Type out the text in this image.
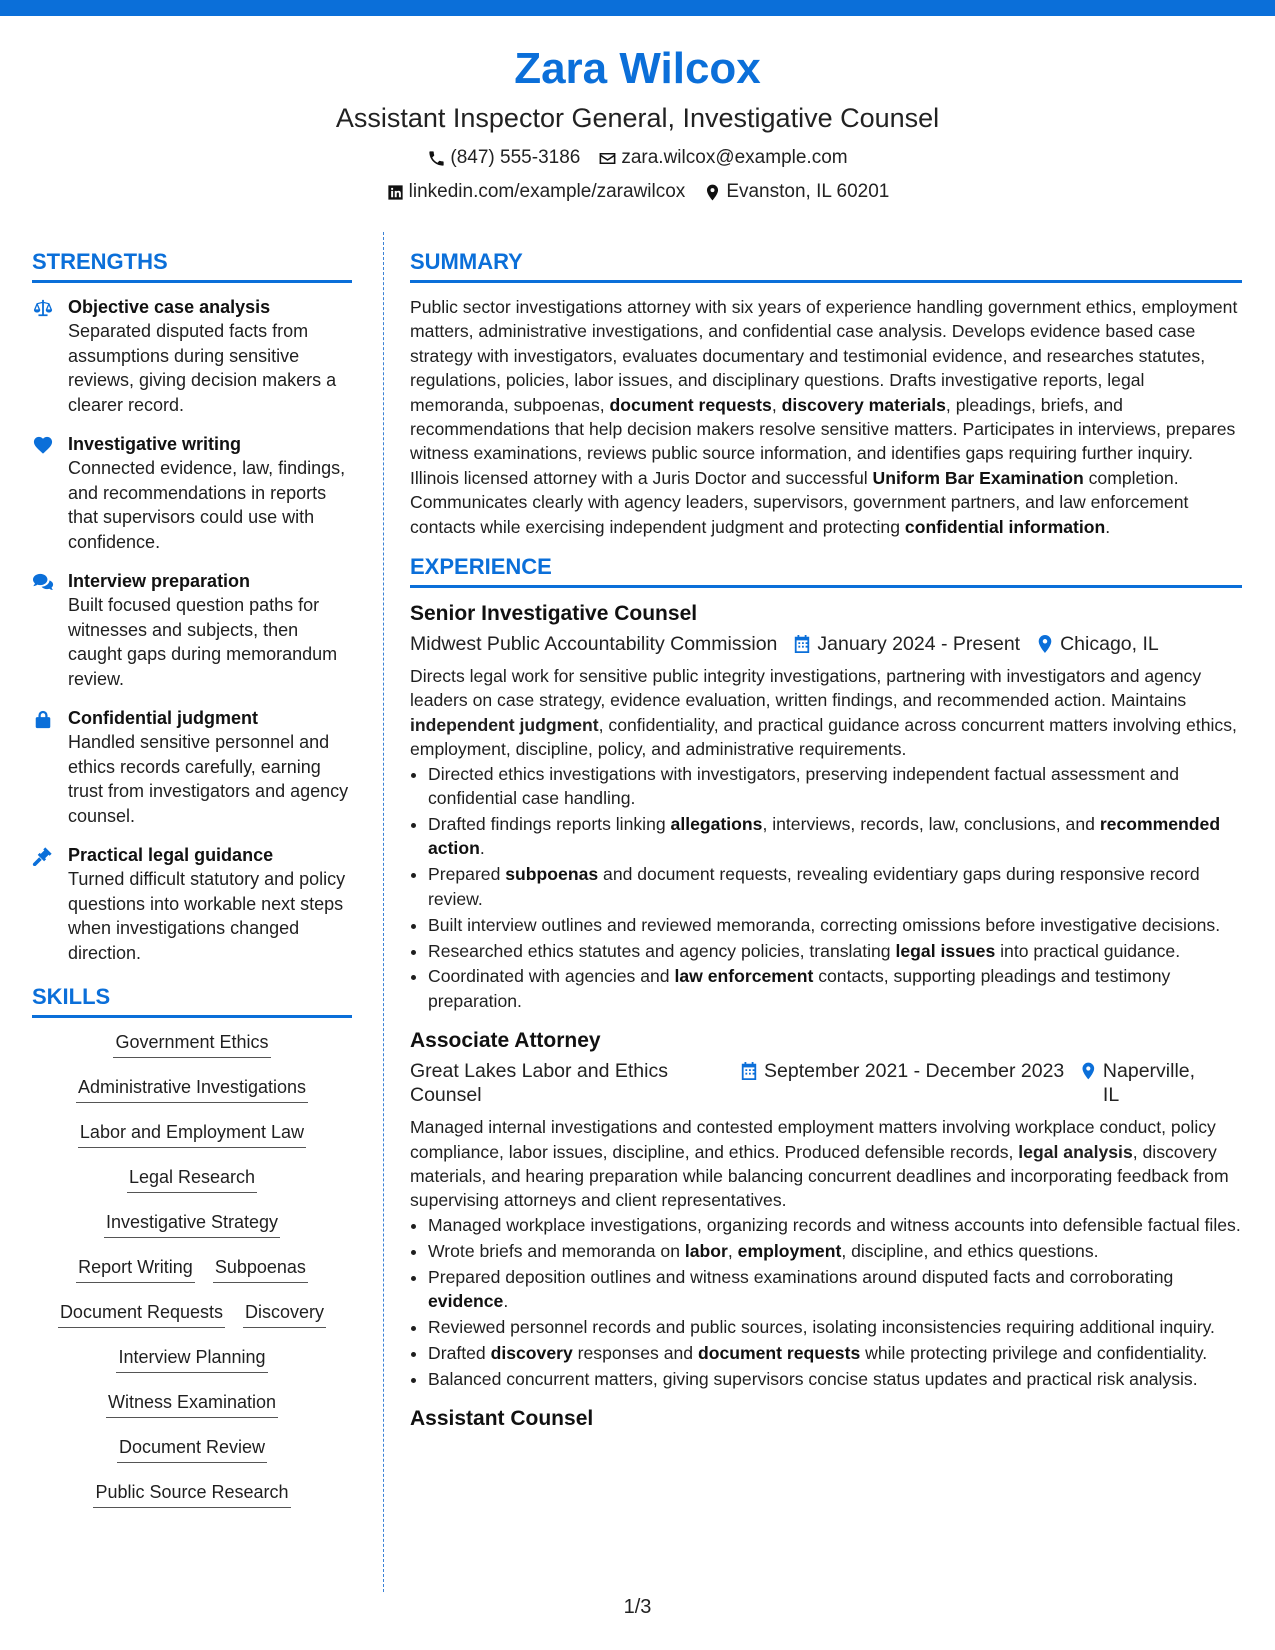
Zara Wilcox
Assistant Inspector General, Investigative Counsel
(847) 555-3186 zara.wilcox@example.com
linkedin.com/example/zarawilcox Evanston, IL 60201
STRENGTHS
Objective case analysis
Separated disputed facts from assumptions during sensitive reviews, giving decision makers a clearer record.
Investigative writing
Connected evidence, law, findings, and recommendations in reports that supervisors could use with confidence.
Interview preparation
Built focused question paths for witnesses and subjects, then caught gaps during memorandum review.
Confidential judgment
Handled sensitive personnel and ethics records carefully, earning trust from investigators and agency counsel.
Practical legal guidance
Turned difficult statutory and policy questions into workable next steps when investigations changed direction.
SKILLS
Government Ethics
Administrative Investigations
Labor and Employment Law
Legal Research
Investigative Strategy
Report Writing Subpoenas
Document Requests Discovery
Interview Planning
Witness Examination
Document Review
Public Source Research
SUMMARY
Public sector investigations attorney with six years of experience handling government ethics, employment matters, administrative investigations, and confidential case analysis. Develops evidence based case strategy with investigators, evaluates documentary and testimonial evidence, and researches statutes, regulations, policies, labor issues, and disciplinary questions. Drafts investigative reports, legal memoranda, subpoenas, document requests, discovery materials, pleadings, briefs, and recommendations that help decision makers resolve sensitive matters. Participates in interviews, prepares witness examinations, reviews public source information, and identifies gaps requiring further inquiry. Illinois licensed attorney with a Juris Doctor and successful Uniform Bar Examination completion. Communicates clearly with agency leaders, supervisors, government partners, and law enforcement contacts while exercising independent judgment and protecting confidential information.
EXPERIENCE
Senior Investigative Counsel
Midwest Public Accountability Commission January 2024 - Present Chicago, IL
Directs legal work for sensitive public integrity investigations, partnering with investigators and agency leaders on case strategy, evidence evaluation, written findings, and recommended action. Maintains independent judgment, confidentiality, and practical guidance across concurrent matters involving ethics, employment, discipline, policy, and administrative requirements.
• Directed ethics investigations with investigators, preserving independent factual assessment and confidential case handling.
• Drafted findings reports linking allegations, interviews, records, law, conclusions, and recommended action.
• Prepared subpoenas and document requests, revealing evidentiary gaps during responsive record review.
• Built interview outlines and reviewed memoranda, correcting omissions before investigative decisions.
• Researched ethics statutes and agency policies, translating legal issues into practical guidance.
• Coordinated with agencies and law enforcement contacts, supporting pleadings and testimony preparation.
Associate Attorney
Great Lakes Labor and Ethics Counsel
September 2021 - December 2023 Naperville, IL
Managed internal investigations and contested employment matters involving workplace conduct, policy compliance, labor issues, discipline, and ethics. Produced defensible records, legal analysis, discovery materials, and hearing preparation while balancing concurrent deadlines and incorporating feedback from supervising attorneys and client representatives.
• Managed workplace investigations, organizing records and witness accounts into defensible factual files.
• Wrote briefs and memoranda on labor, employment, discipline, and ethics questions.
• Prepared deposition outlines and witness examinations around disputed facts and corroborating evidence.
• Reviewed personnel records and public sources, isolating inconsistencies requiring additional inquiry.
• Drafted discovery responses and document requests while protecting privilege and confidentiality.
• Balanced concurrent matters, giving supervisors concise status updates and practical risk analysis.
Assistant Counsel
1/3
